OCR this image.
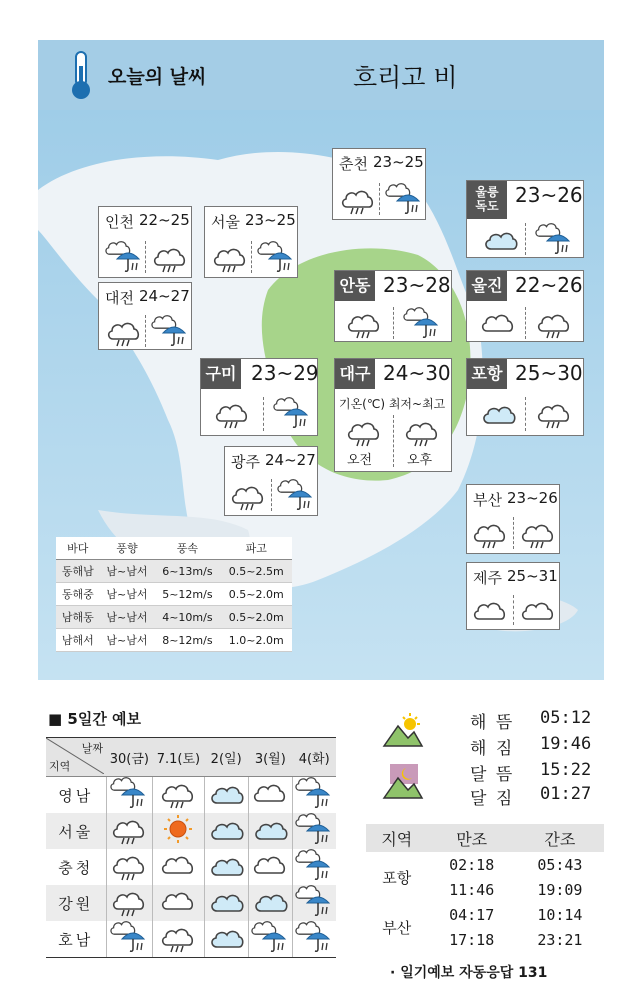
오늘의 날씨	흐리고 비
춘천 23~25
인천 22~25 서울 23~25
대전 24~27
울릉
독도 23~26
안동 23~28 울진 22~26
구미 23~29 대구 24~30
기온(℃) 최저~최고
오전	오후
포항 25~30
광주 24~27
부산 23~26
제주 25~31
바다	풍향	풍속	파고
동해남	남~남서	6~13m/s	0.5~2.5m
동해중	남~남서	5~12m/s	0.5~2.0m
남해동	남~남서	4~10m/s	0.5~2.0m
남해서	남~남서	8~12m/s	1.0~2.0m
■ 5일간 예보
날짜
지역	30(금)	7.1(토)	2(일)	3(월)	4(화)
영남					
서울					
충청					
강원					
호남					
해 뜸 05:12
해 짐 19:46
달 뜸 15:22
달 짐 01:27
지역	만조	간조
포항	02:18	05:43
	11:46	19:09
부산	04:17	10:14
	17:18	23:21
· 일기예보 자동응답 131
